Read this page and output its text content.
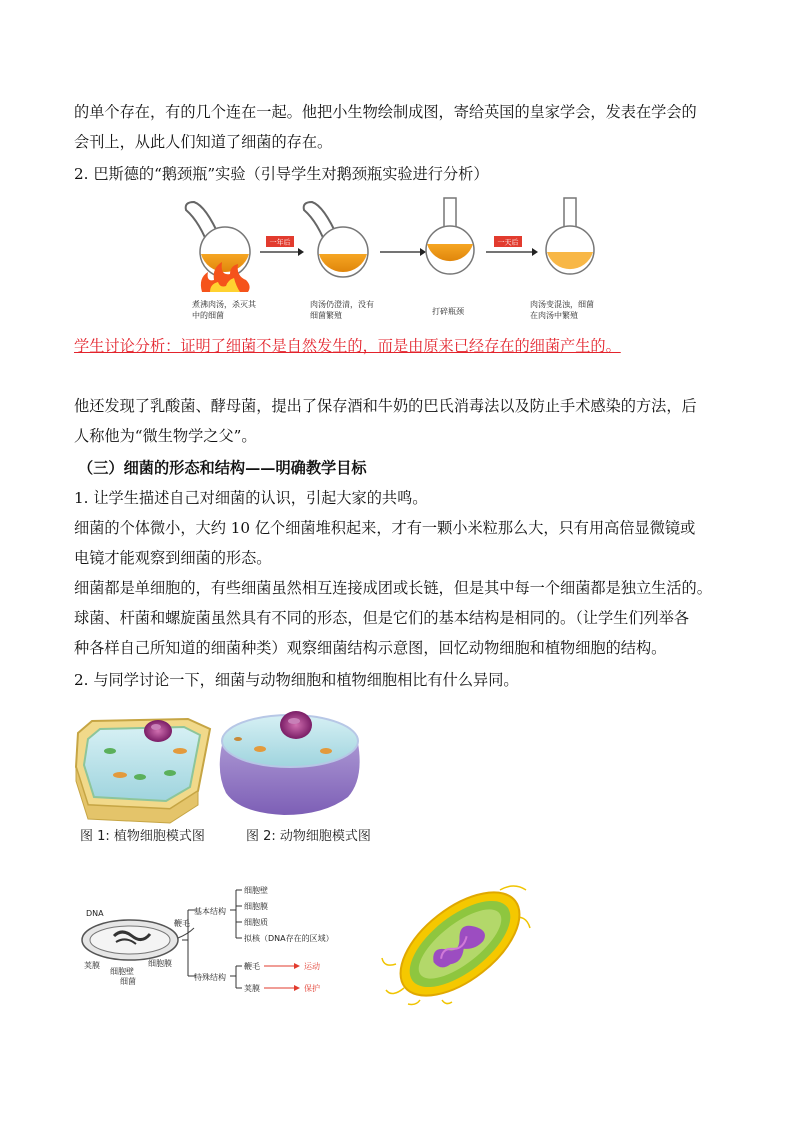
的单个存在，有的几个连在一起。他把小生物绘制成图，寄给英国的皇家学会，发表在学会的
会刊上，从此人们知道了细菌的存在。
2. 巴斯德的“鹅颈瓶”实验（引导学生对鹅颈瓶实验进行分析）
煮沸肉汤，杀灭其
中的细菌
一年后
肉汤仍澄清，没有
细菌繁殖	打碎瓶颈
一天后
肉汤变混浊，细菌
在肉汤中繁殖
学生讨论分析：证明了细菌不是自然发生的，而是由原来已经存在的细菌产生的。
他还发现了乳酸菌、酵母菌，提出了保存酒和牛奶的巴氏消毒法以及防止手术感染的方法，后
人称他为“微生物学之父”。
（三）细菌的形态和结构——明确教学目标
1. 让学生描述自己对细菌的认识，引起大家的共鸣。
细菌的个体微小，大约 10 亿个细菌堆积起来，才有一颗小米粒那么大，只有用高倍显微镜或
电镜才能观察到细菌的形态。
细菌都是单细胞的，有些细菌虽然相互连接成团或长链，但是其中每一个细菌都是独立生活的。
球菌、杆菌和螺旋菌虽然具有不同的形态，但是它们的基本结构是相同的。（让学生们列举各
种各样自己所知道的细菌种类）观察细菌结构示意图，回忆动物细胞和植物细胞的结构。
2. 与同学讨论一下，细菌与动物细胞和植物细胞相比有什么异同。
图 1: 植物细胞模式图	图 2: 动物细胞模式图
DNA
鞭毛
细胞膜
荚膜
细胞壁
细菌
基本结构
特殊结构
细胞壁
细胞膜
细胞质
拟核（DNA存在的区域）
鞭毛
荚膜
运动
保护
